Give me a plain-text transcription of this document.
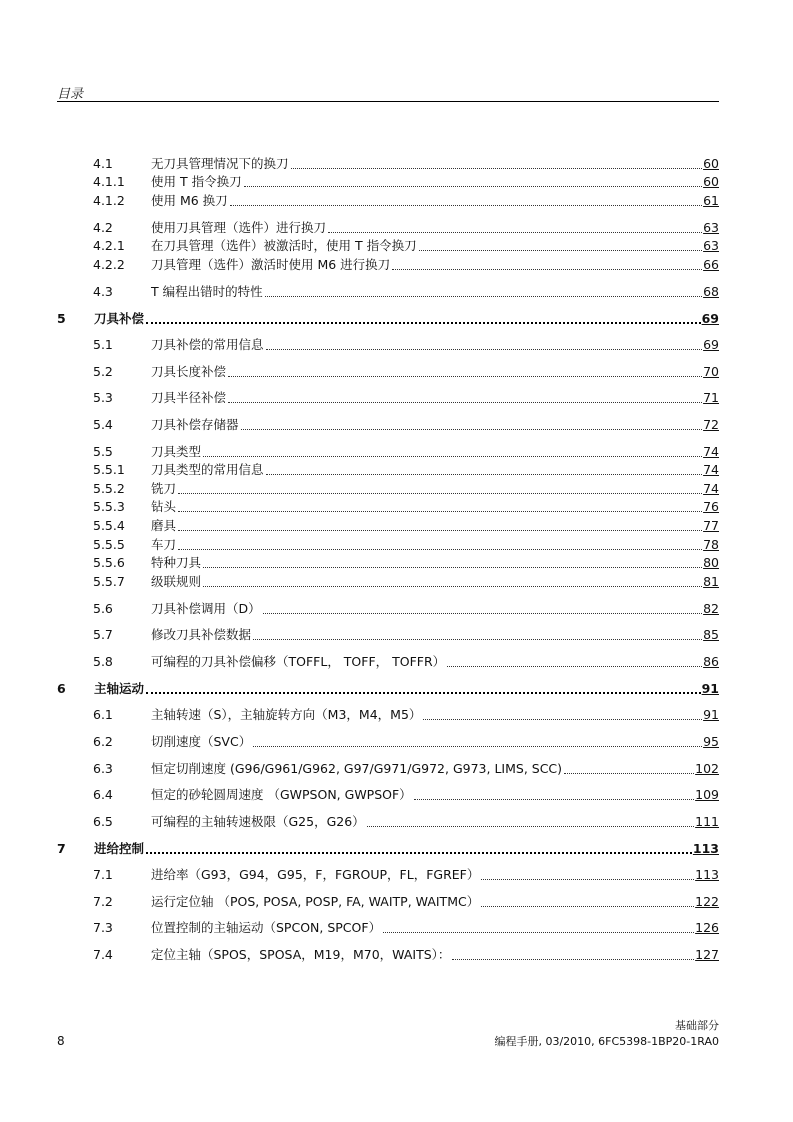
目录
4.1	无刀具管理情况下的换刀	60
4.1.1 使用 T 指令换刀	60
4.1.2 使用 M6 换刀	61
4.2	使用刀具管理（选件）进行换刀	63
4.2.1 在刀具管理（选件）被激活时，使用 T 指令换刀	63
4.2.2 刀具管理（选件）激活时使用 M6 进行换刀	66
4.3	T 编程出错时的特性	68
5 刀具补偿	69
5.1	刀具补偿的常用信息	69
5.2	刀具长度补偿	70
5.3	刀具半径补偿	71
5.4	刀具补偿存储器	72
5.5	刀具类型	74
5.5.1 刀具类型的常用信息	74
5.5.2 铣刀	74
5.5.3 钻头	76
5.5.4 磨具	77
5.5.5 车刀	78
5.5.6 特种刀具	80
5.5.7 级联规则	81
5.6	刀具补偿调用（D）	82
5.7	修改刀具补偿数据	85
5.8	可编程的刀具补偿偏移（TOFFL， TOFF， TOFFR）	86
6 主轴运动	91
6.1	主轴转速（S），主轴旋转方向（M3，M4，M5）	91
6.2	切削速度（SVC）	95
6.3	恒定切削速度 (G96/G961/G962, G97/G971/G972, G973, LIMS, SCC)	102
6.4	恒定的砂轮圆周速度 （GWPSON, GWPSOF）	109
6.5	可编程的主轴转速极限（G25，G26）	111
7 进给控制	113
7.1	进给率（G93，G94，G95，F，FGROUP，FL，FGREF）	113
7.2	运行定位轴 （POS, POSA, POSP, FA, WAITP, WAITMC）	122
7.3	位置控制的主轴运动（SPCON, SPCOF）	126
7.4	定位主轴（SPOS，SPOSA，M19，M70，WAITS）：	127
8
基础部分
编程手册, 03/2010, 6FC5398-1BP20-1RA0
